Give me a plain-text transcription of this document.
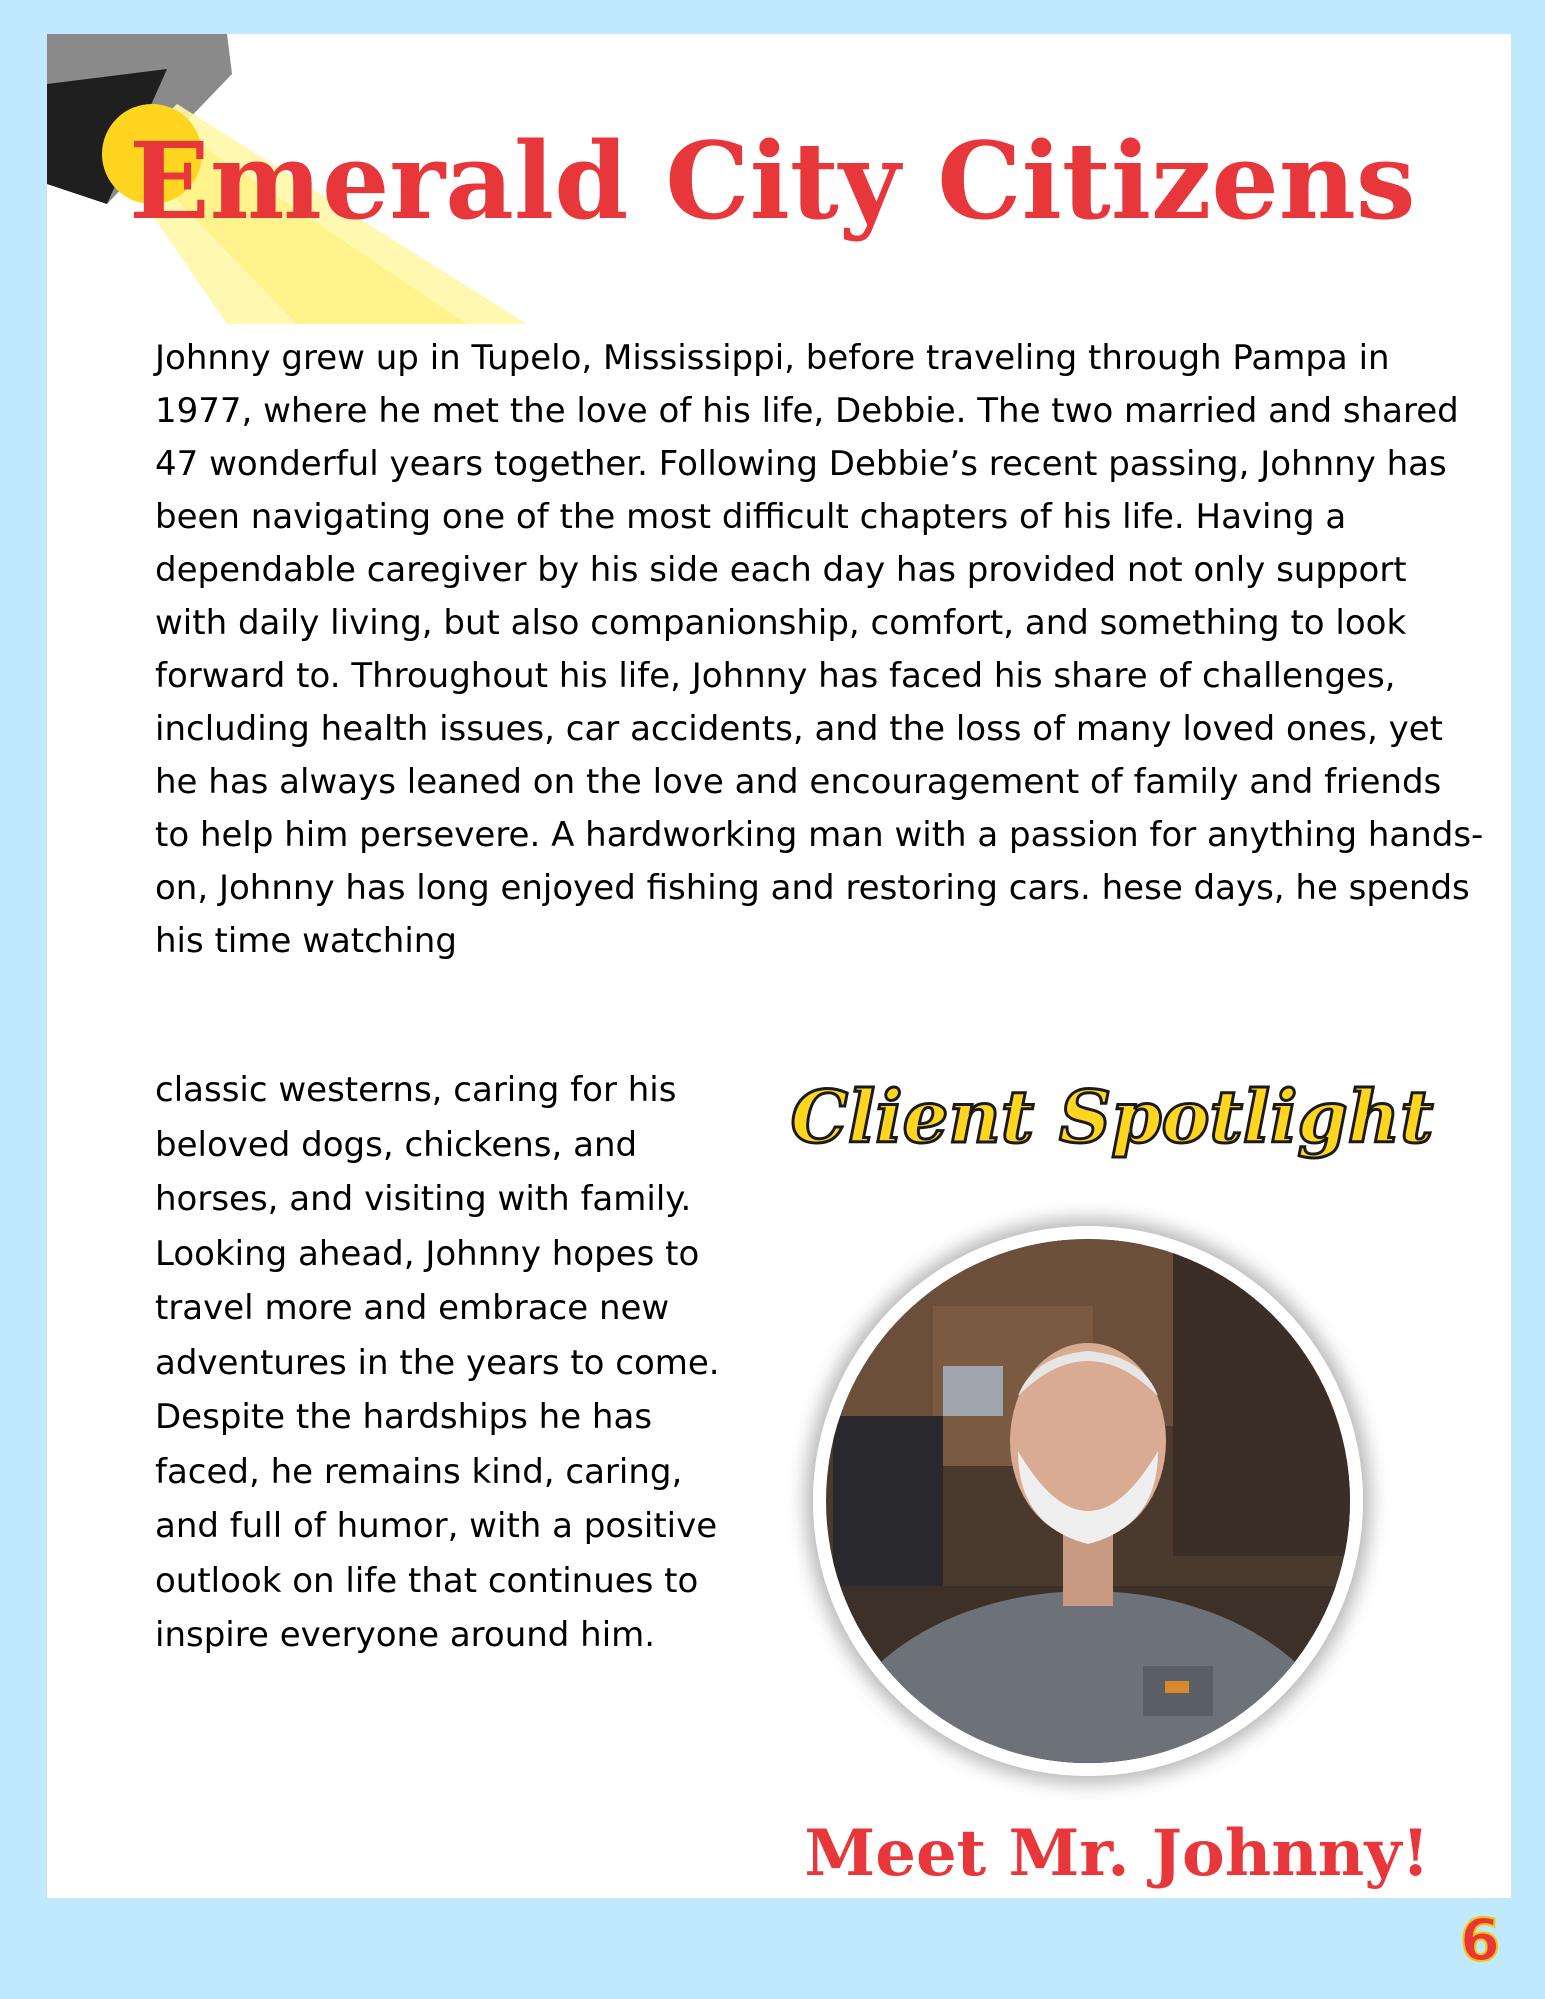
Emerald City Citizens

Johnny grew up in Tupelo, Mississippi, before traveling through Pampa in 1977, where he met the love of his life, Debbie. The two married and shared 47 wonderful years together. Following Debbie’s recent passing, Johnny has been navigating one of the most difficult chapters of his life. Having a dependable caregiver by his side each day has provided not only support with daily living, but also companionship, comfort, and something to look forward to. Throughout his life, Johnny has faced his share of challenges, including health issues, car accidents, and the loss of many loved ones, yet he has always leaned on the love and encouragement of family and friends to help him persevere. A hardworking man with a passion for anything hands-on, Johnny has long enjoyed fishing and restoring cars. hese days, he spends his time watching

classic westerns, caring for his beloved dogs, chickens, and horses, and visiting with family. Looking ahead, Johnny hopes to travel more and embrace new adventures in the years to come. Despite the hardships he has faced, he remains kind, caring, and full of humor, with a positive outlook on life that continues to inspire everyone around him.

Client Spotlight

Meet Mr. Johnny!

6
